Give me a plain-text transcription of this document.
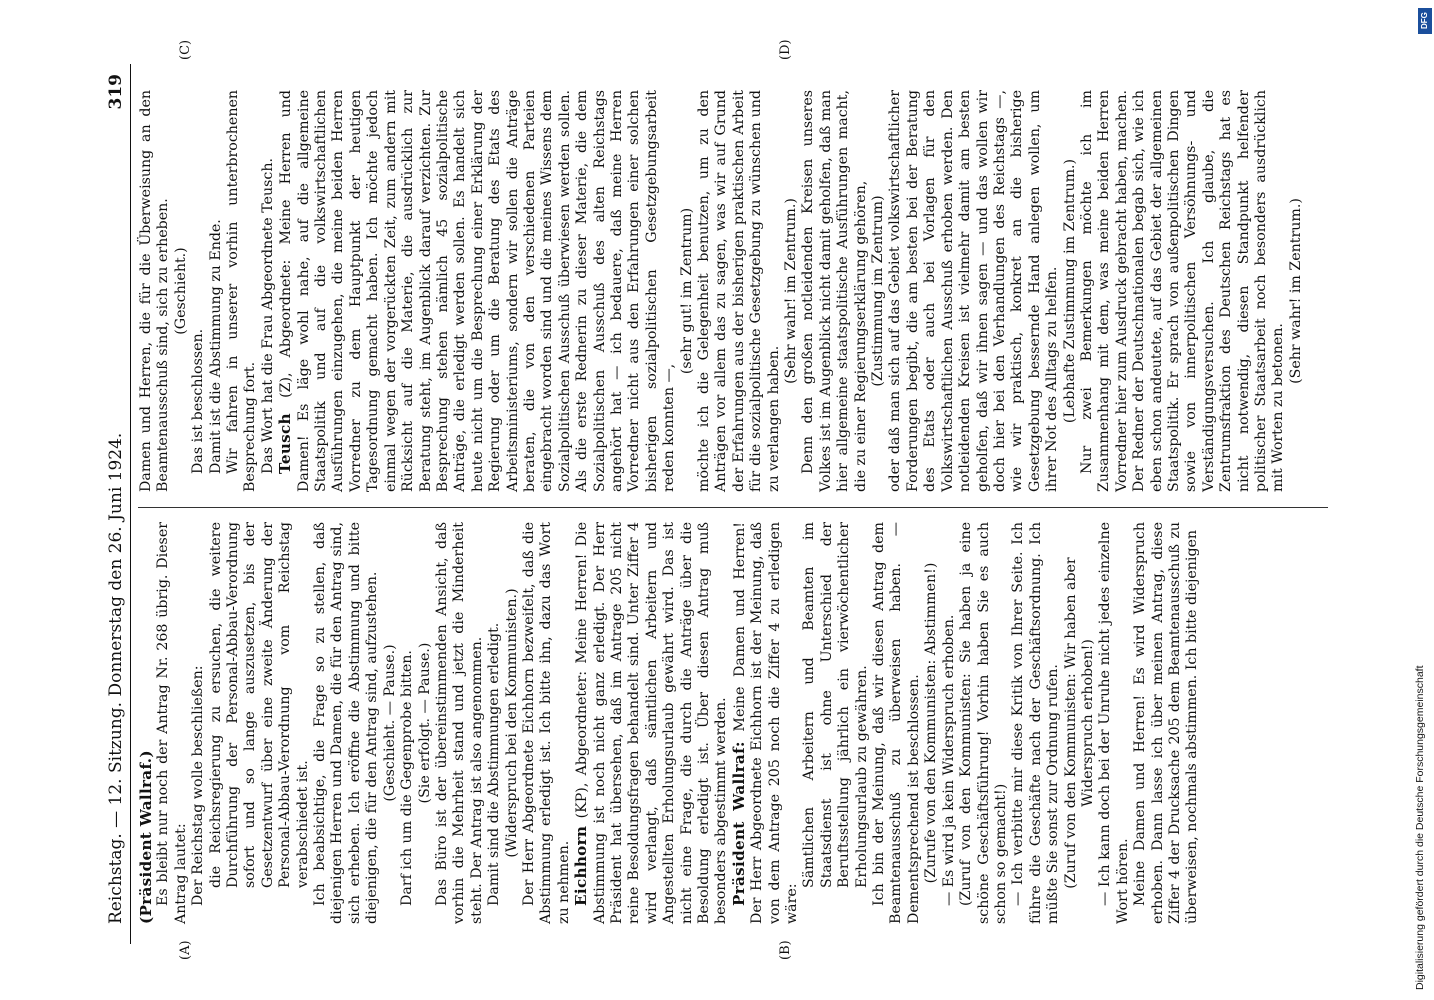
Reichstag. — 12. Sitzung. Donnerstag den 26. Juni 1924.
319
(A)	(B)
(C)	(D)

(Präsident Wallraf.) Es bleibt nur noch der Antrag Nr. 268 übrig. Dieser Antrag lautet: Der Reichstag wolle beschließen: die Reichsregierung zu ersuchen, die weitere Durchführung der Personal-Abbau-Verordnung sofort und so lange auszusetzen, bis der Gesetzentwurf über eine zweite Änderung der Personal-Abbau-Verordnung vom Reichstag verabschiedet ist. Ich beabsichtige, die Frage so zu stellen, daß diejenigen Herren und Damen, die für den Antrag sind, sich erheben. Ich eröffne die Abstimmung und bitte diejenigen, die für den Antrag sind, aufzustehen. (Geschieht. — Pause.) Darf ich um die Gegenprobe bitten. (Sie erfolgt. — Pause.) Das Büro ist der übereinstimmenden Ansicht, daß vorhin die Mehrheit stand und jetzt die Minderheit steht. Der Antrag ist also angenommen. Damit sind die Abstimmungen erledigt. (Widerspruch bei den Kommunisten.) Der Herr Abgeordnete Eichhorn bezweifelt, daß die Abstimmung erledigt ist. Ich bitte ihn, dazu das Wort zu nehmen. Eichhorn (KP), Abgeordneter: Meine Herren! Die Abstimmung ist noch nicht ganz erledigt. Der Herr Präsident hat übersehen, daß im Antrage 205 nicht reine Besoldungsfragen behandelt sind. Unter Ziffer 4 wird verlangt, daß sämtlichen Arbeitern und Angestellten Erholungsurlaub gewährt wird. Das ist nicht eine Frage, die durch die Anträge über die Besoldung erledigt ist. Über diesen Antrag muß besonders abgestimmt werden. Präsident Wallraf: Meine Damen und Herren! Der Herr Abgeordnete Eichhorn ist der Meinung, daß von dem Antrage 205 noch die Ziffer 4 zu erledigen wäre:

Sämtlichen Arbeitern und Beamten im Staatsdienst ist ohne Unterschied der Beruftsstellung jährlich ein vierwöchentlicher Erholungsurlaub zu gewähren. Ich bin der Meinung, daß wir diesen Antrag dem Beamtenausschuß zu überweisen haben. — Dementsprechend ist beschlossen. (Zurufe von den Kommunisten: Abstimmen!) — Es wird ja kein Widerspruch erhoben. (Zuruf von den Kommunisten: Sie haben ja eine schöne Geschäftsführung! Vorhin haben Sie es auch schon so gemacht!) — Ich verbitte mir diese Kritik von Ihrer Seite. Ich führe die Geschäfte nach der Geschäftsordnung. Ich müßte Sie sonst zur Ordnung rufen. (Zuruf von den Kommunisten: Wir haben aber Widerspruch erhoben!) — Ich kann doch bei der Unruhe nicht jedes einzelne Wort hören. Meine Damen und Herren! Es wird Widerspruch erhoben. Dann lasse ich über meinen Antrag, diese Ziffer 4 der Drucksache 205 dem Beamtenausschuß zu überweisen, nochmals abstimmen. Ich bitte diejenigen

Damen und Herren, die für die Überweisung an den Beamtenausschuß sind, sich zu erheben. (Geschieht.)

Das ist beschlossen. Damit ist die Abstimmung zu Ende. Wir fahren in unserer vorhin unterbrochenen Besprechung fort. Das Wort hat die Frau Abgeordnete Teusch. Teusch (Z), Abgeordnete: Meine Herren und Damen! Es läge wohl nahe, auf die allgemeine Staatspolitik und auf die volkswirtschaftlichen Ausführungen einzugehen, die meine beiden Herren Vorredner zu dem Hauptpunkt der heutigen Tagesordnung gemacht haben. Ich möchte jedoch einmal wegen der vorgerückten Zeit, zum andern mit Rücksicht auf die Materie, die ausdrücklich zur Beratung steht, im Augenblick darauf verzichten. Zur Besprechung stehen nämlich 45 sozialpolitische Anträge, die erledigt werden sollen. Es handelt sich heute nicht um die Besprechung einer Erklärung der Regierung oder um die Beratung des Etats des Arbeitsministeriums, sondern wir sollen die Anträge beraten, die von den verschiedenen Parteien eingebracht worden sind und die meines Wissens dem Sozialpolitischen Ausschuß überwiesen werden sollen. Als die erste Rednerin zu dieser Materie, die dem Sozialpolitischen Ausschuß des alten Reichstags angehört hat — ich bedauere, daß meine Herren Vorredner nicht aus den Erfahrungen einer solchen bisherigen sozialpolitischen Gesetzgebungsarbeit reden konnten —,

(sehr gut! im Zentrum) möchte ich die Gelegenheit benutzen, um zu den Anträgen vor allem das zu sagen, was wir auf Grund der Erfahrungen aus der bisherigen praktischen Arbeit für die sozialpolitische Gesetzgebung zu wünschen und zu verlangen haben.

(Sehr wahr! im Zentrum.) Denn den großen notleidenden Kreisen unseres Volkes ist im Augenblick nicht damit geholfen, daß man hier allgemeine staatspolitische Ausführungen macht, die zu einer Regierungserklärung gehören, (Zustimmung im Zentrum) oder daß man sich auf das Gebiet volkswirtschaftlicher Forderungen begibt, die am besten bei der Beratung des Etats oder auch bei Vorlagen für den Volkswirtschaftlichen Ausschuß erhoben werden. Den notleidenden Kreisen ist vielmehr damit am besten geholfen, daß wir ihnen sagen — und das wollen wir doch hier bei den Verhandlungen des Reichstags —, wie wir praktisch, konkret an die bisherige Gesetzgebung bessernde Hand anlegen wollen, um ihrer Not des Alltags zu helfen. (Lebhafte Zustimmung im Zentrum.) Nur zwei Bemerkungen möchte ich im Zusammenhang mit dem, was meine beiden Herren Vorredner hier zum Ausdruck gebracht haben, machen. Der Redner der Deutschnationalen begab sich, wie ich eben schon andeutete, auf das Gebiet der allgemeinen Staatspolitik. Er sprach von außenpolitischen Dingen sowie von innerpolitischen Versöhnungs- und Verständigungsversuchen. Ich glaube, die Zentrumsfraktion des Deutschen Reichstags hat es nicht notwendig, diesen Standpunkt helfender politischer Staatsarbeit noch besonders ausdrücklich mit Worten zu betonen.

(Sehr wahr! im Zentrum.)

DFG
Digitalisierung gefördert durch die Deutsche Forschungsgemeinschaft
